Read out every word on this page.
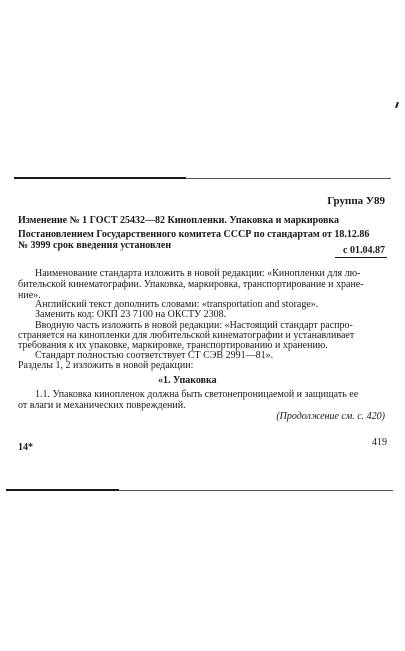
Группа У89
Изменение № 1 ГОСТ 25432—82 Кинопленки. Упаковка и маркировка
Постановлением Государственного комитета СССР по стандартам от 18.12.86
№ 3999 срок введения установлен	с 01.04.87
Наименование стандарта изложить в новой редакции: «Кинопленки для лю-
бительской кинематографии. Упаковка, маркировка, транспортирование и хране-
ние».
Английский текст дополнить словами: «transportation and storage».
Заменить код: ОКП 23 7100 на ОКСТУ 2308.
Вводную часть изложить в новой редакции: «Настоящий стандарт распро-
страняется на кинопленки для любительской кинематографии и устанавливает
требования к их упаковке, маркировке, транспортированию и хранению.
Стандарт полностью соответствует СТ СЭВ 2991—81».
Разделы 1, 2 изложить в новой редакции:
«1. Упаковка
1.1. Упаковка кинопленок должна быть светонепроницаемой и защищать ее
от влаги и механических повреждений.
(Продолжение см. с. 420)
14*	419
